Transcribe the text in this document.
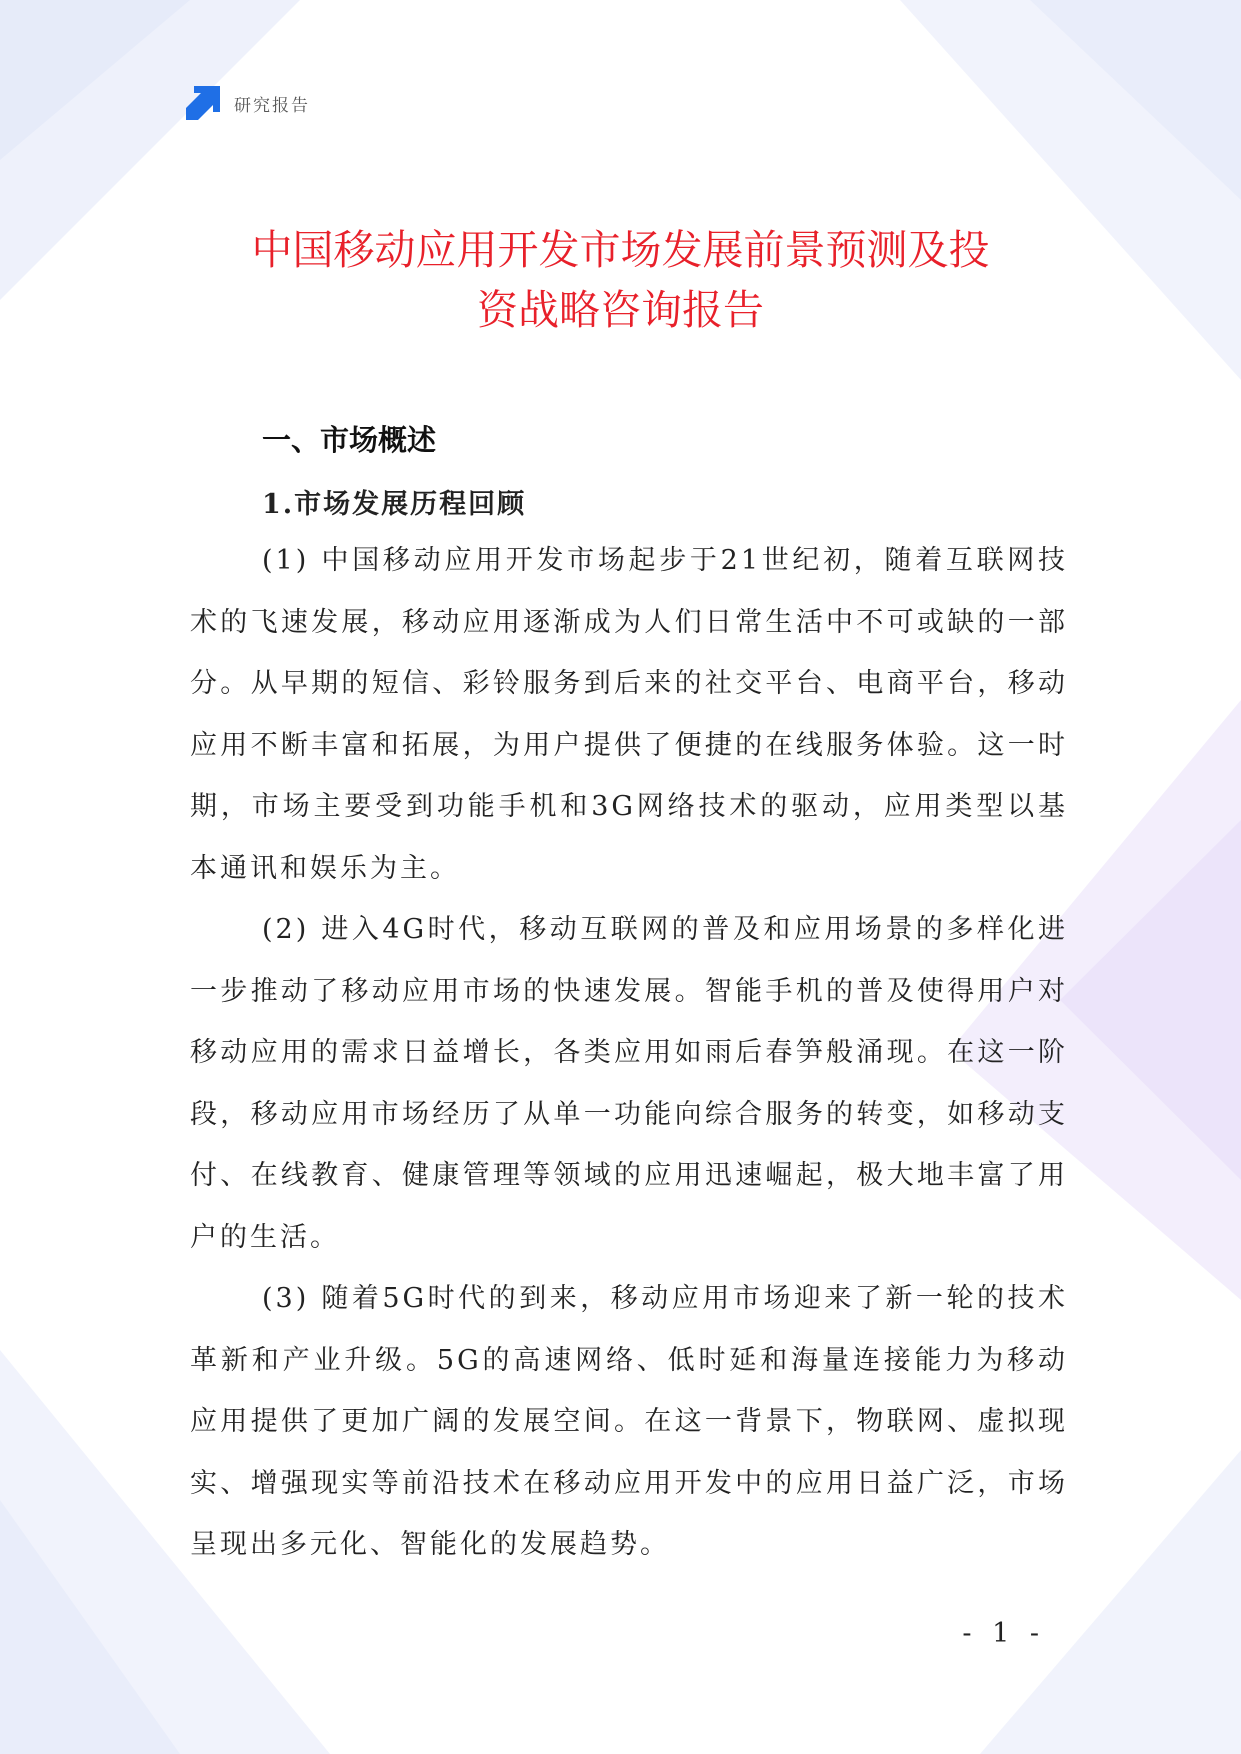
研究报告
中国移动应用开发市场发展前景预测及投
资战略咨询报告
一、市场概述
1.市场发展历程回顾

(1) 中国移动应用开发市场起步于21世纪初，随着互联网技术的飞速发展，移动应用逐渐成为人们日常生活中不可或缺的一部分。从早期的短信、彩铃服务到后来的社交平台、电商平台，移动应用不断丰富和拓展，为用户提供了便捷的在线服务体验。这一时期，市场主要受到功能手机和3G网络技术的驱动，应用类型以基本通讯和娱乐为主。

(2) 进入4G时代，移动互联网的普及和应用场景的多样化进一步推动了移动应用市场的快速发展。智能手机的普及使得用户对移动应用的需求日益增长，各类应用如雨后春笋般涌现。在这一阶段，移动应用市场经历了从单一功能向综合服务的转变，如移动支付、在线教育、健康管理等领域的应用迅速崛起，极大地丰富了用户的生活。

(3) 随着5G时代的到来，移动应用市场迎来了新一轮的技术革新和产业升级。5G的高速网络、低时延和海量连接能力为移动应用提供了更加广阔的发展空间。在这一背景下，物联网、虚拟现实、增强现实等前沿技术在移动应用开发中的应用日益广泛，市场呈现出多元化、智能化的发展趋势。

- 1 -
